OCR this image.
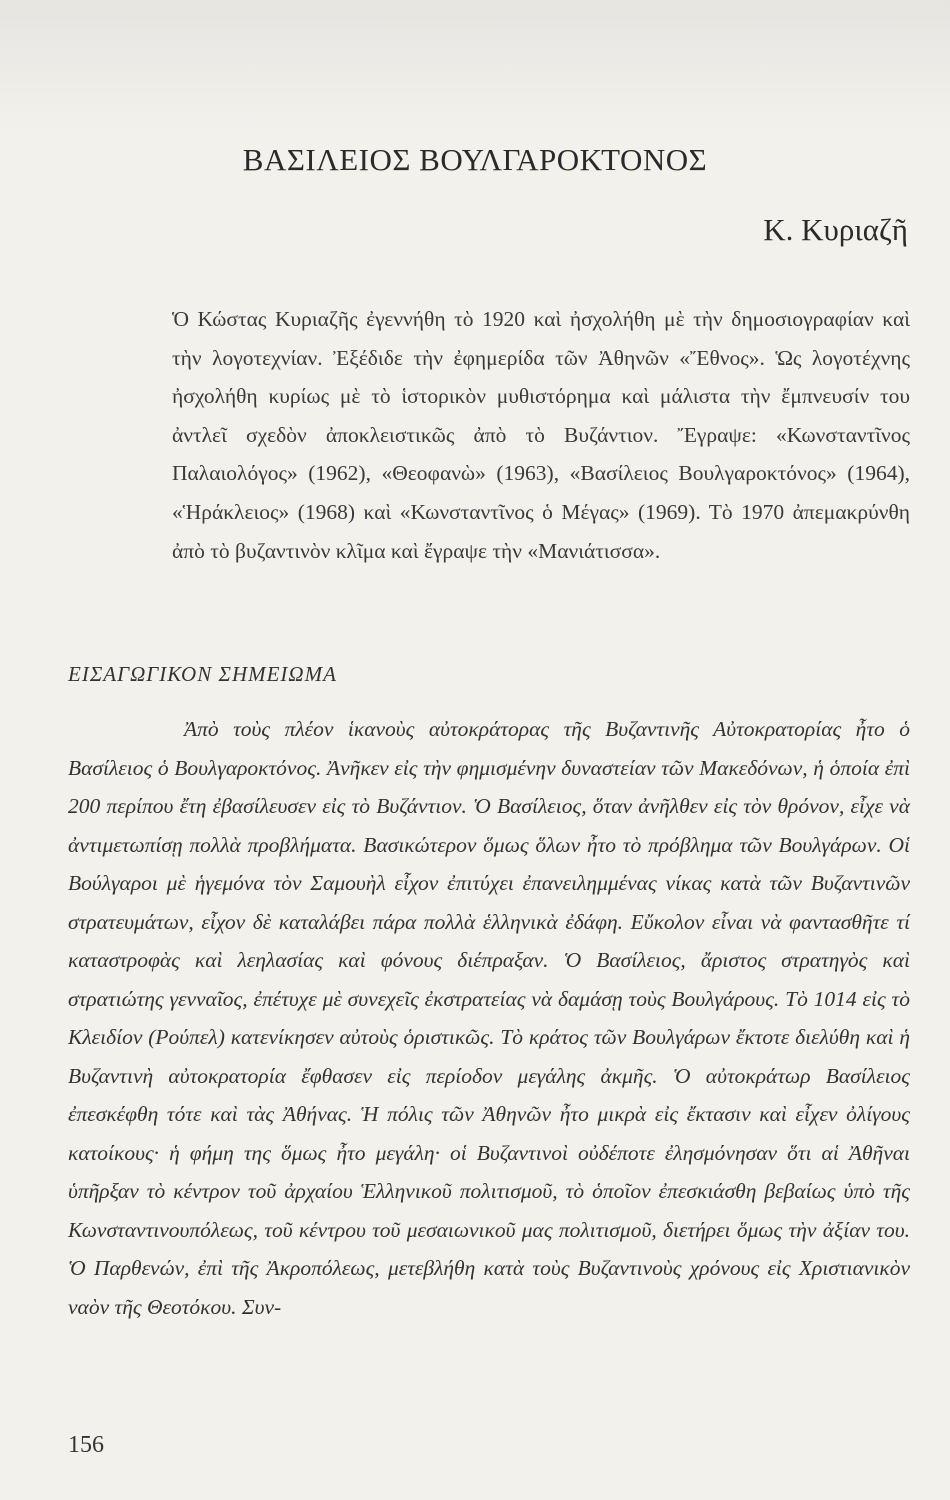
ΒΑΣΙΛΕΙΟΣ ΒΟΥΛΓΑΡΟΚΤΟΝΟΣ
Κ. Κυριαζῆ

Ὁ Κώστας Κυριαζῆς ἐγεννήθη τὸ 1920 καὶ ἠσχολήθη μὲ τὴν δημοσιογραφίαν καὶ τὴν λογοτεχνίαν. Ἐξέδιδε τὴν ἐφημερίδα τῶν Ἀθηνῶν «Ἔθνος». Ὡς λογοτέχνης ἠσχολήθη κυρίως μὲ τὸ ἱστορικὸν μυθιστόρημα καὶ μάλιστα τὴν ἔμπνευσίν του ἀντλεῖ σχεδὸν ἀποκλειστικῶς ἀπὸ τὸ Βυζάντιον. Ἔγραψε: «Κωνσταντῖνος Παλαιολόγος» (1962), «Θεοφανὼ» (1963), «Βασίλειος Βουλγαροκτόνος» (1964), «Ἡράκλειος» (1968) καὶ «Κωνσταντῖνος ὁ Μέγας» (1969). Τὸ 1970 ἀπεμακρύνθη ἀπὸ τὸ βυζαντινὸν κλῖμα καὶ ἔγραψε τὴν «Μανιάτισσα».

ΕΙΣΑΓΩΓΙΚΟΝ ΣΗΜΕΙΩΜΑ

Ἀπὸ τοὺς πλέον ἱκανοὺς αὐτοκράτορας τῆς Βυζαντινῆς Αὐτοκρατορίας ἦτο ὁ Βασίλειος ὁ Βουλγαροκτόνος. Ἀνῆκεν εἰς τὴν φημισμένην δυναστείαν τῶν Μακεδόνων, ἡ ὁποία ἐπὶ 200 περίπου ἔτη ἐβασίλευσεν εἰς τὸ Βυζάντιον. Ὁ Βασίλειος, ὅταν ἀνῆλθεν εἰς τὸν θρόνον, εἶχε νὰ ἀντιμετωπίσῃ πολλὰ προβλήματα. Βασικώτερον ὅμως ὅλων ἦτο τὸ πρόβλημα τῶν Βουλγάρων. Οἱ Βούλγαροι μὲ ἡγεμόνα τὸν Σαμουὴλ εἶχον ἐπιτύχει ἐπανειλημμένας νίκας κατὰ τῶν Βυζαντινῶν στρατευμάτων, εἶχον δὲ καταλάβει πάρα πολλὰ ἑλληνικὰ ἐδάφη. Εὔκολον εἶναι νὰ φαντασθῆτε τί καταστροφὰς καὶ λεηλασίας καὶ φόνους διέπραξαν. Ὁ Βασίλειος, ἄριστος στρατηγὸς καὶ στρατιώτης γενναῖος, ἐπέτυχε μὲ συνεχεῖς ἐκστρατείας νὰ δαμάσῃ τοὺς Βουλγάρους. Τὸ 1014 εἰς τὸ Κλειδίον (Ρούπελ) κατενίκησεν αὐτοὺς ὁριστικῶς. Τὸ κράτος τῶν Βουλγάρων ἔκτοτε διελύθη καὶ ἡ Βυζαντινὴ αὐτοκρατορία ἔφθασεν εἰς περίοδον μεγάλης ἀκμῆς. Ὁ αὐτοκράτωρ Βασίλειος ἐπεσκέφθη τότε καὶ τὰς Ἀθήνας. Ἡ πόλις τῶν Ἀθηνῶν ἦτο μικρὰ εἰς ἔκτασιν καὶ εἶχεν ὀλίγους κατοίκους· ἡ φήμη της ὅμως ἦτο μεγάλη· οἱ Βυζαντινοὶ οὐδέποτε ἐλησμόνησαν ὅτι αἱ Ἀθῆναι ὑπῆρξαν τὸ κέντρον τοῦ ἀρχαίου Ἑλληνικοῦ πολιτισμοῦ, τὸ ὁποῖον ἐπεσκιάσθη βεβαίως ὑπὸ τῆς Κωνσταντινουπόλεως, τοῦ κέντρου τοῦ μεσαιωνικοῦ μας πολιτισμοῦ, διετήρει ὅμως τὴν ἀξίαν του. Ὁ Παρθενών, ἐπὶ τῆς Ἀκροπόλεως, μετεβλήθη κατὰ τοὺς Βυζαντινοὺς χρόνους εἰς Χριστιανικὸν ναὸν τῆς Θεοτόκου. Συν-

156
